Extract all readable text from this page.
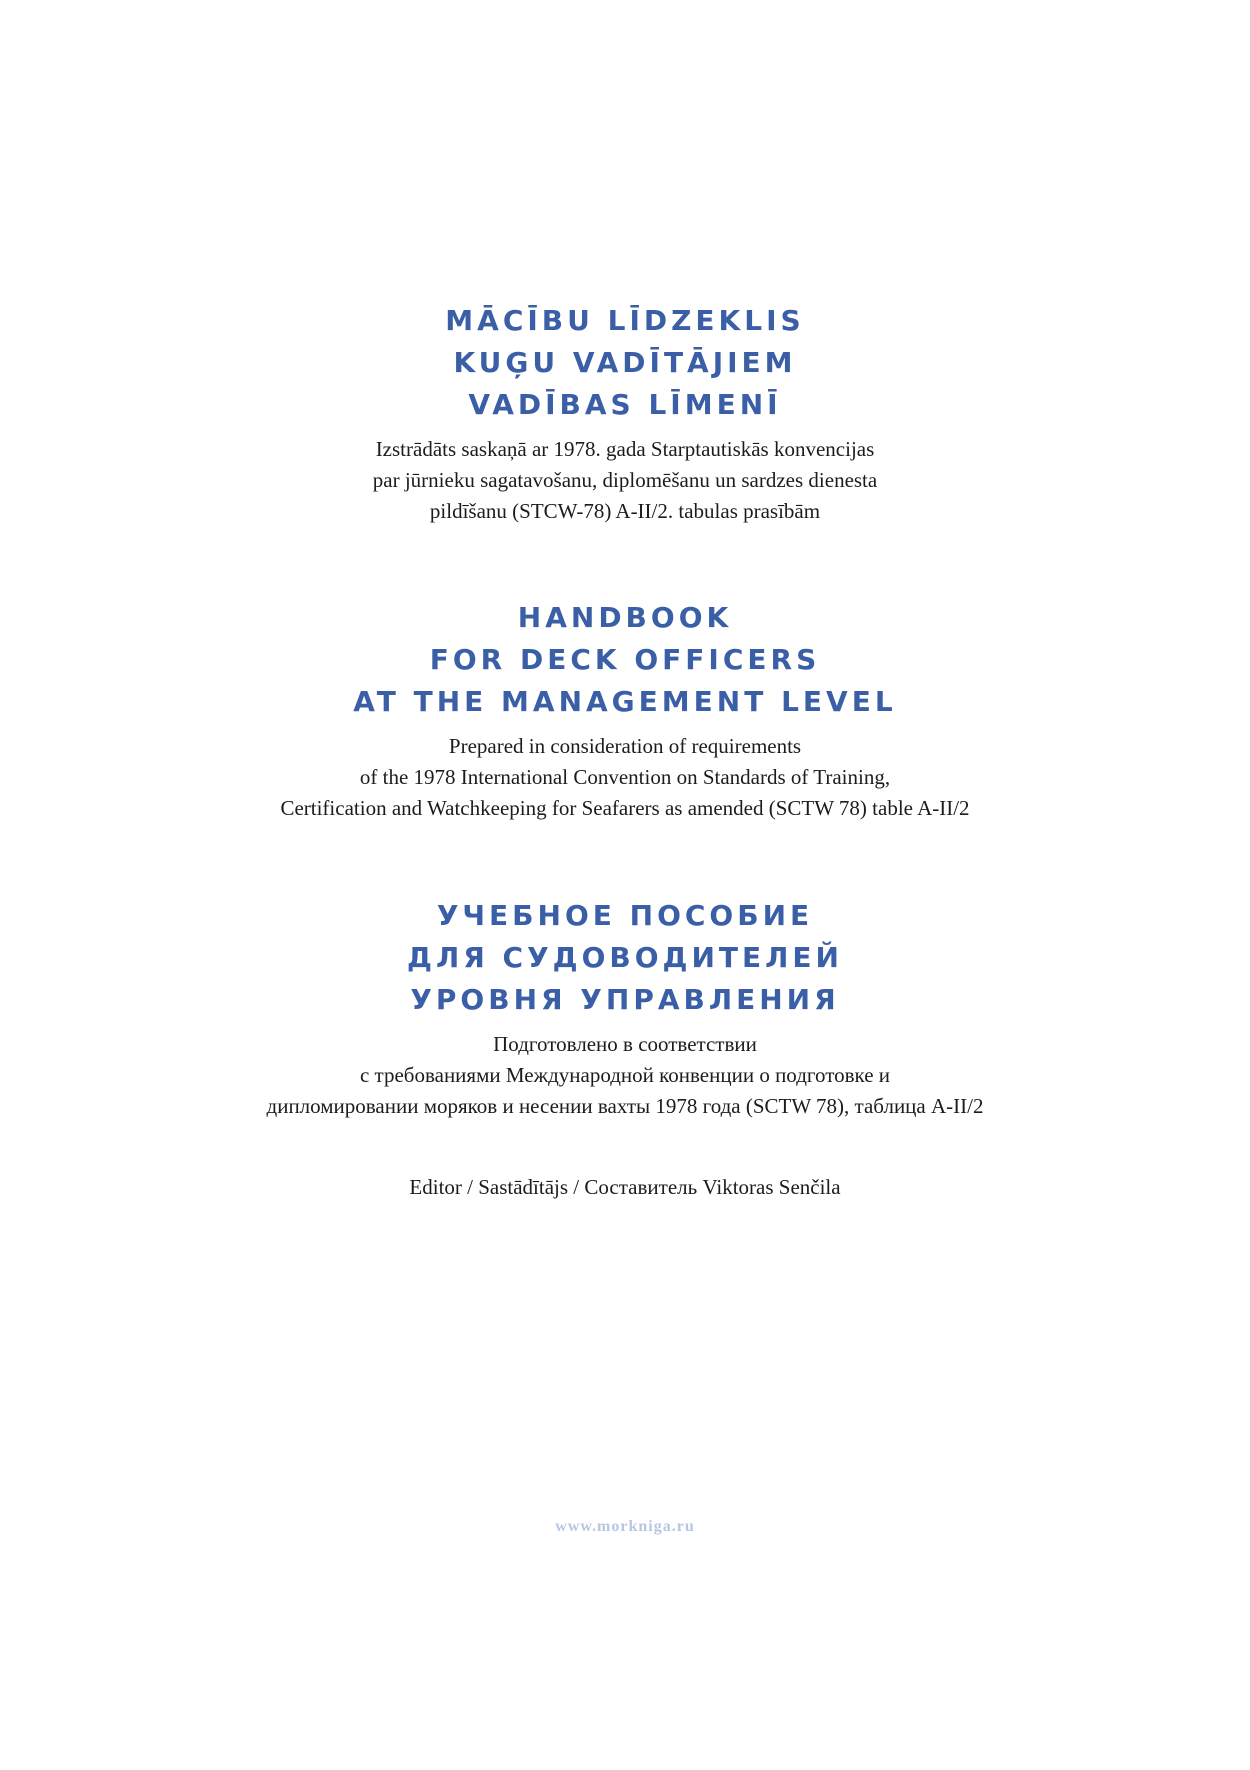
MĀCĪBU LĪDZEKLIS
KUĢU VADĪTĀJIEM
VADĪBAS LĪMENĪ
Izstrādāts saskaņā ar 1978. gada Starptautiskās konvencijas
par jūrnieku sagatavošanu, diplomēšanu un sardzes dienesta
pildīšanu (STCW-78) A-II/2. tabulas prasībām
HANDBOOK
FOR DECK OFFICERS
AT THE MANAGEMENT LEVEL
Prepared in consideration of requirements
of the 1978 International Convention on Standards of Training,
Certification and Watchkeeping for Seafarers as amended (SCTW 78) table A-II/2
УЧЕБНОЕ ПОСОБИЕ
ДЛЯ СУДОВОДИТЕЛЕЙ
УРОВНЯ УПРАВЛЕНИЯ
Подготовлено в соответствии
с требованиями Международной конвенции о подготовке и
дипломировании моряков и несении вахты 1978 года (SCTW 78), таблица A-II/2
Editor / Sastādītājs / Составитель Viktoras Senčila
www.morkniga.ru
